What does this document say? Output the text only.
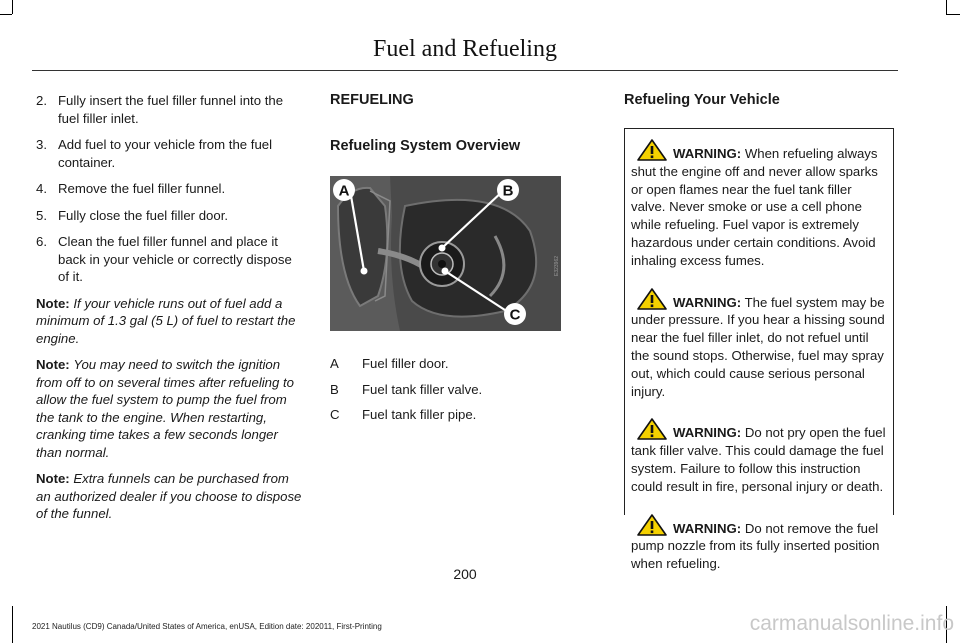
Fuel and Refueling
2. Fully insert the fuel filler funnel into the fuel filler inlet.
3. Add fuel to your vehicle from the fuel container.
4. Remove the fuel filler funnel.
5. Fully close the fuel filler door.
6. Clean the fuel filler funnel and place it back in your vehicle or correctly dispose of it.

Note: If your vehicle runs out of fuel add a minimum of 1.3 gal (5 L) of fuel to restart the engine.

Note: You may need to switch the ignition from off to on several times after refueling to allow the fuel system to pump the fuel from the tank to the engine. When restarting, cranking time takes a few seconds longer than normal.

Note: Extra funnels can be purchased from an authorized dealer if you choose to dispose of the funnel.

REFUELING
Refueling System Overview
A	B
C
E323962
A	Fuel filler door.
B	Fuel tank filler valve.
C	Fuel tank filler pipe.
Refueling Your Vehicle
WARNING: When refueling always shut the engine off and never allow sparks or open flames near the fuel tank filler valve. Never smoke or use a cell phone while refueling. Fuel vapor is extremely hazardous under certain conditions. Avoid inhaling excess fumes.
WARNING: The fuel system may be under pressure. If you hear a hissing sound near the fuel filler inlet, do not refuel until the sound stops. Otherwise, fuel may spray out, which could cause serious personal injury.
WARNING: Do not pry open the fuel tank filler valve. This could damage the fuel system. Failure to follow this instruction could result in fire, personal injury or death.
WARNING: Do not remove the fuel pump nozzle from its fully inserted position when refueling.
200
2021 Nautilus (CD9) Canada/United States of America, enUSA, Edition date: 202011, First-Printing	carmanualsonline.info
